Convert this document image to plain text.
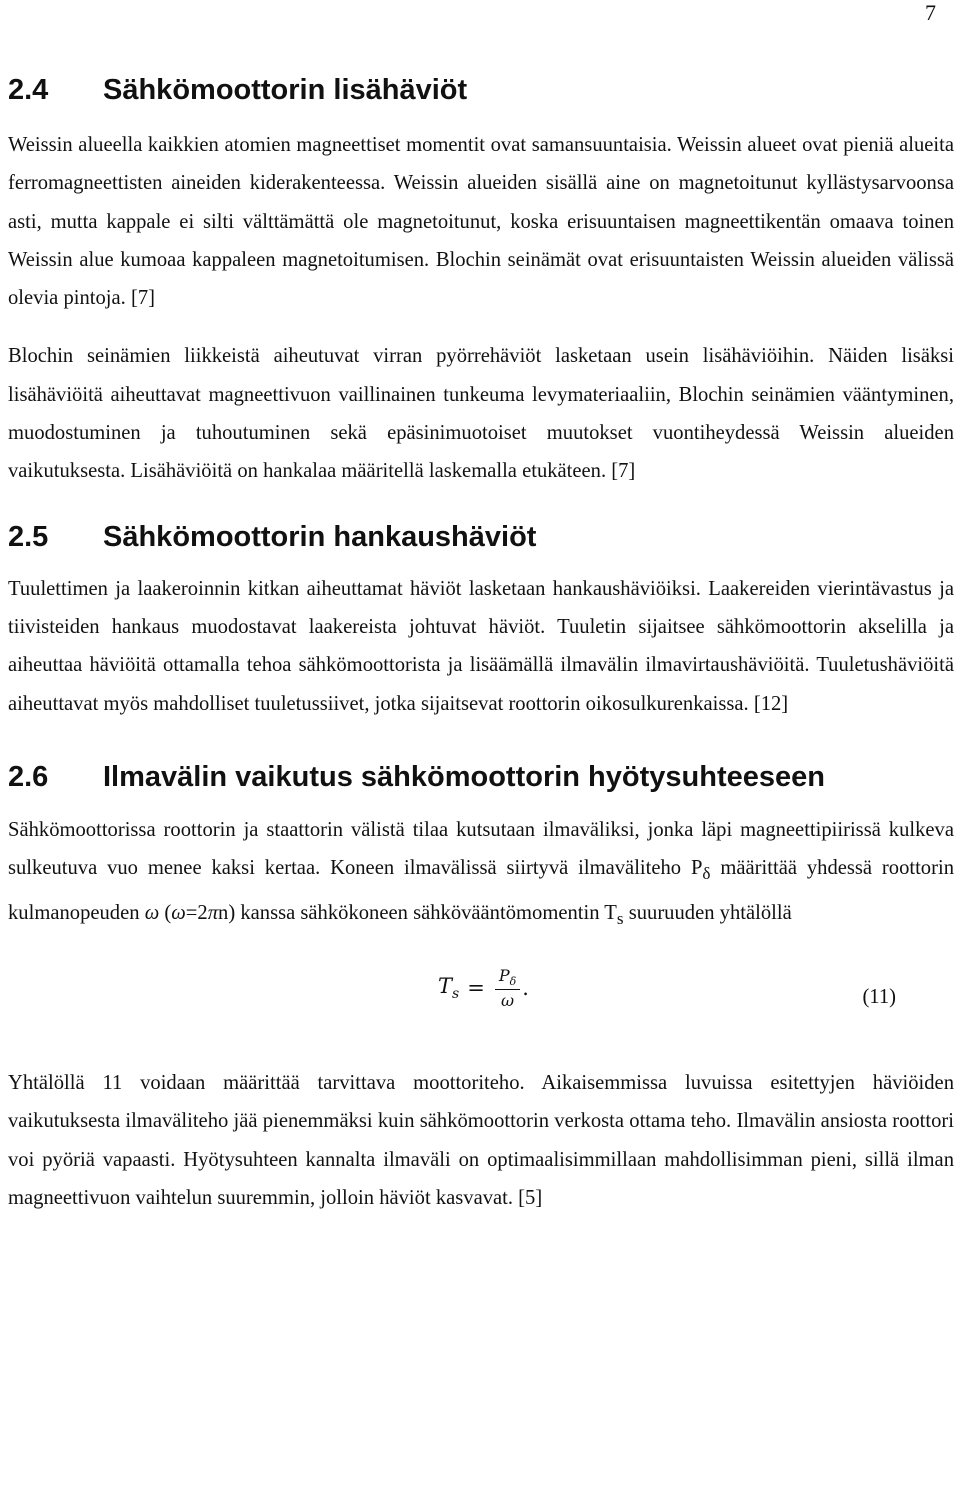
7
2.4	Sähkömoottorin lisähäviöt

Weissin alueella kaikkien atomien magneettiset momentit ovat samansuuntaisia. Weissin alueet ovat pieniä alueita ferromagneettisten aineiden kiderakenteessa. Weissin alueiden sisällä aine on magnetoitunut kyllästysarvoonsa asti, mutta kappale ei silti välttämättä ole magnetoitunut, koska erisuuntaisen magneettikentän omaava toinen Weissin alue kumoaa kappaleen magnetoitumisen. Blochin seinämät ovat erisuuntaisten Weissin alueiden välissä olevia pintoja. [7]

Blochin seinämien liikkeistä aiheutuvat virran pyörrehäviöt lasketaan usein lisähäviöihin. Näiden lisäksi lisähäviöitä aiheuttavat magneettivuon vaillinainen tunkeuma levymateriaaliin, Blochin seinämien vääntyminen, muodostuminen ja tuhoutuminen sekä epäsinimuotoiset muutokset vuontiheydessä Weissin alueiden vaikutuksesta. Lisähäviöitä on hankalaa määritellä laskemalla etukäteen. [7]

2.5	Sähkömoottorin hankaushäviöt

Tuulettimen ja laakeroinnin kitkan aiheuttamat häviöt lasketaan hankaushäviöiksi. Laakereiden vierintävastus ja tiivisteiden hankaus muodostavat laakereista johtuvat häviöt. Tuuletin sijaitsee sähkömoottorin akselilla ja aiheuttaa häviöitä ottamalla tehoa sähkömoottorista ja lisäämällä ilmavälin ilmavirtaushäviöitä. Tuuletushäviöitä aiheuttavat myös mahdolliset tuuletussiivet, jotka sijaitsevat roottorin oikosulkurenkaissa. [12]

2.6	Ilmavälin vaikutus sähkömoottorin hyötysuhteeseen

Sähkömoottorissa roottorin ja staattorin välistä tilaa kutsutaan ilmaväliksi, jonka läpi magneettipiirissä kulkeva sulkeutuva vuo menee kaksi kertaa. Koneen ilmavälissä siirtyvä ilmaväliteho $P_\delta$ määrittää yhdessä roottorin kulmanopeuden ω (ω=2πn) kanssa sähkökoneen sähkövääntömomentin $T_s$ suuruuden yhtälöllä

$T_s = \frac{P_\delta}{\omega}$ .	(11)

Yhtälöllä 11 voidaan määrittää tarvittava moottoriteho. Aikaisemmissa luvuissa esitettyjen häviöiden vaikutuksesta ilmaväliteho jää pienemmäksi kuin sähkömoottorin verkosta ottama teho. Ilmavälin ansiosta roottori voi pyöriä vapaasti. Hyötysuhteen kannalta ilmaväli on optimaalisimmillaan mahdollisimman pieni, sillä ilman magneettivuon vaihtelun suuremmin, jolloin häviöt kasvavat. [5]
